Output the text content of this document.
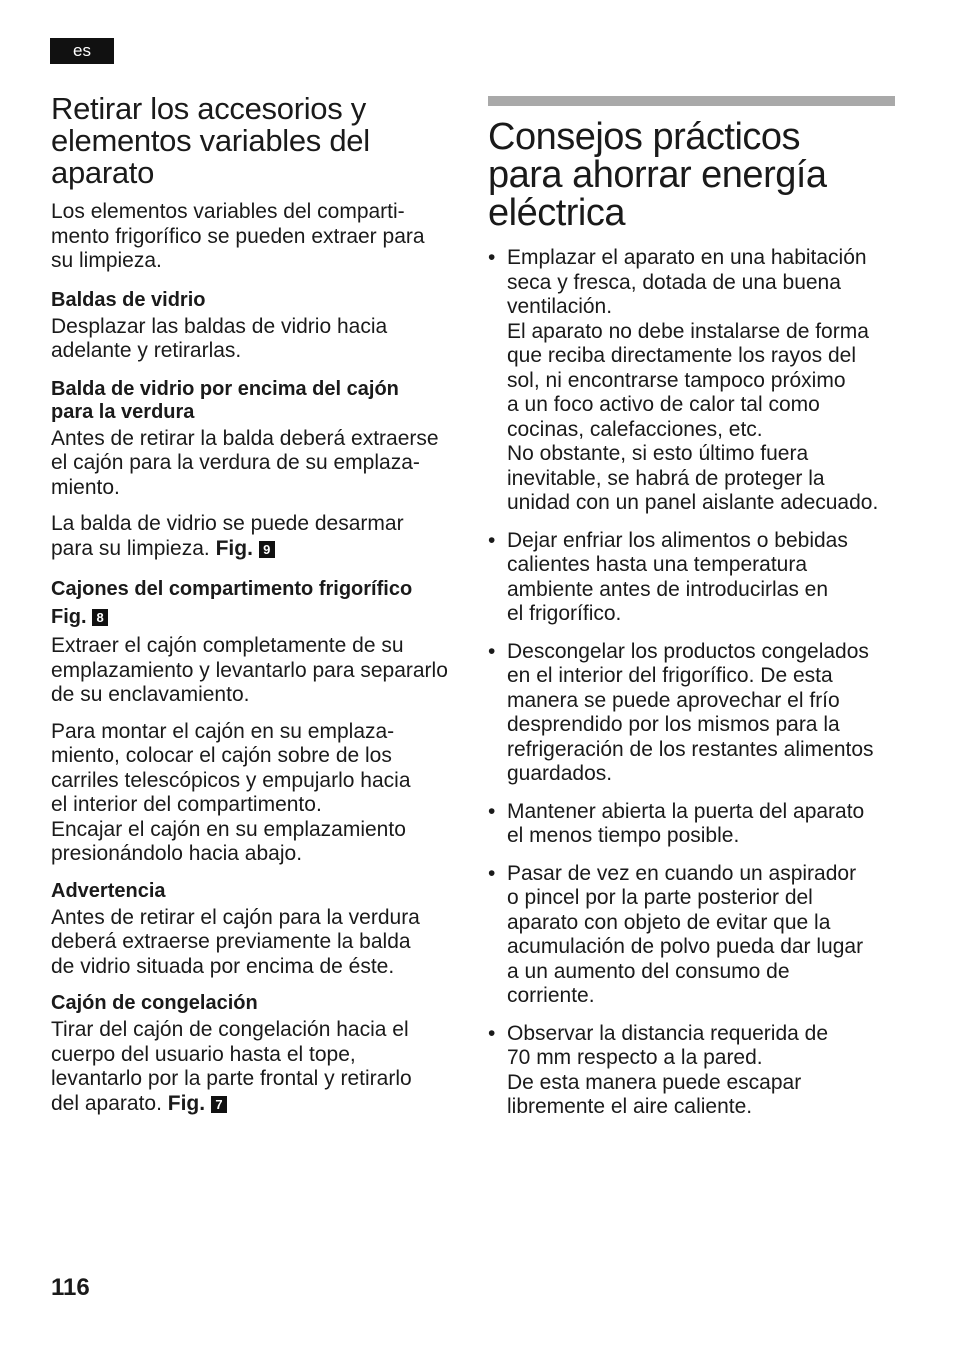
es
Retirar los accesorios y
elementos variables del
aparato

Los elementos variables del comparti-
mento frigorífico se pueden extraer para
su limpieza.

Baldas de vidrio

Desplazar las baldas de vidrio hacia
adelante y retirarlas.

Balda de vidrio por encima del cajón
para la verdura

Antes de retirar la balda deberá extraerse
el cajón para la verdura de su emplaza-
miento.

La balda de vidrio se puede desarmar
para su limpieza. Fig. 9

Cajones del compartimento frigorífico
Fig. 8

Extraer el cajón completamente de su
emplazamiento y levantarlo para separarlo
de su enclavamiento.

Para montar el cajón en su emplaza-
miento, colocar el cajón sobre de los
carriles telescópicos y empujarlo hacia
el interior del compartimento.
Encajar el cajón en su emplazamiento
presionándolo hacia abajo.

Advertencia

Antes de retirar el cajón para la verdura
deberá extraerse previamente la balda
de vidrio situada por encima de éste.

Cajón de congelación

Tirar del cajón de congelación hacia el
cuerpo del usuario hasta el tope,
levantarlo por la parte frontal y retirarlo
del aparato. Fig. 7

Consejos prácticos
para ahorrar energía
eléctrica
• Emplazar el aparato en una habitación
seca y fresca, dotada de una buena
ventilación.
El aparato no debe instalarse de forma
que reciba directamente los rayos del
sol, ni encontrarse tampoco próximo
a un foco activo de calor tal como
cocinas, calefacciones, etc.
No obstante, si esto último fuera
inevitable, se habrá de proteger la
unidad con un panel aislante adecuado.
• Dejar enfriar los alimentos o bebidas
calientes hasta una temperatura
ambiente antes de introducirlas en
el frigorífico.
• Descongelar los productos congelados
en el interior del frigorífico. De esta
manera se puede aprovechar el frío
desprendido por los mismos para la
refrigeración de los restantes alimentos
guardados.
• Mantener abierta la puerta del aparato
el menos tiempo posible.
• Pasar de vez en cuando un aspirador
o pincel por la parte posterior del
aparato con objeto de evitar que la
acumulación de polvo pueda dar lugar
a un aumento del consumo de
corriente.
• Observar la distancia requerida de
70 mm respecto a la pared.
De esta manera puede escapar
libremente el aire caliente.
116
